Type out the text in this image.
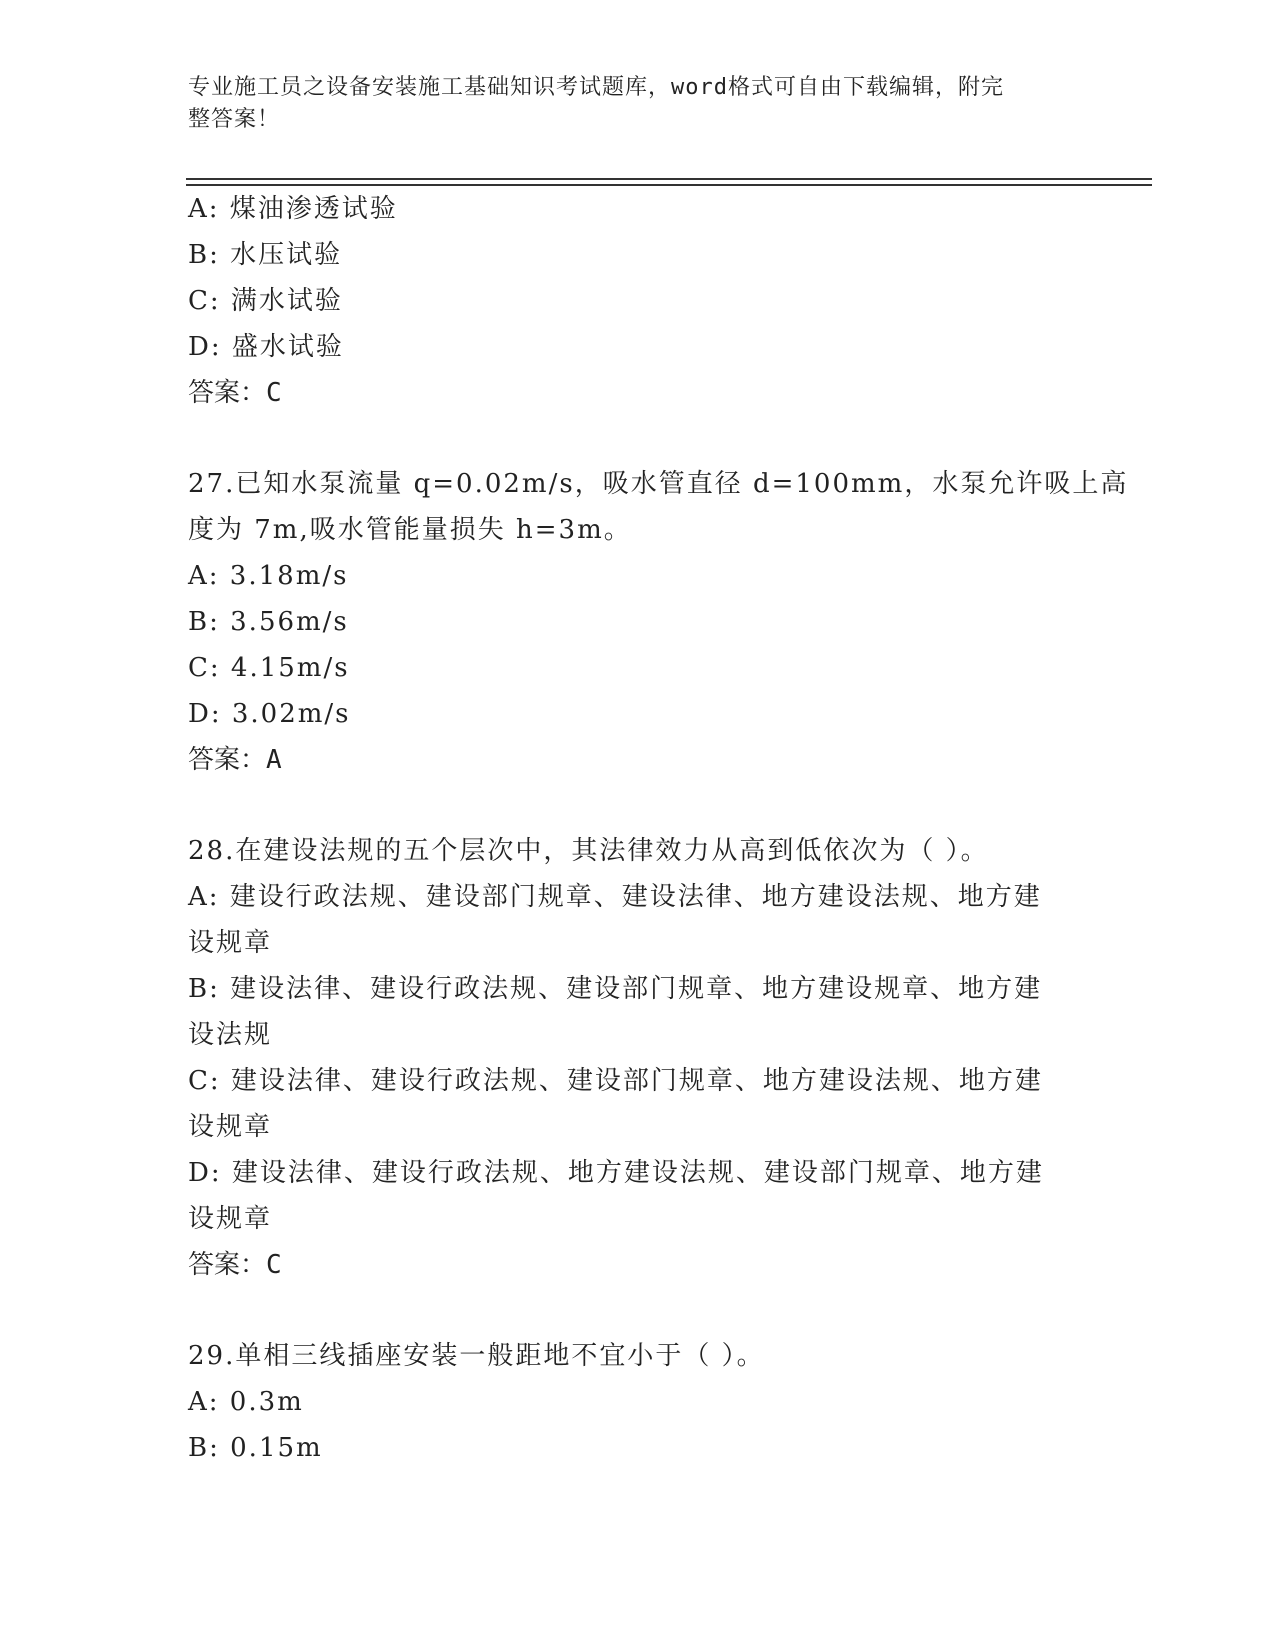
专业施工员之设备安装施工基础知识考试题库，word格式可自由下载编辑，附完
整答案！
A: 煤油渗透试验
B: 水压试验
C: 满水试验
D: 盛水试验
答案：C
27.已知水泵流量 q=0.02m/s，吸水管直径 d=100mm，水泵允许吸上高
度为 7m,吸水管能量损失 h=3m。
A: 3.18m/s
B: 3.56m/s
C: 4.15m/s
D: 3.02m/s
答案：A
28.在建设法规的五个层次中，其法律效力从高到低依次为（ ）。
A: 建设行政法规、建设部门规章、建设法律、地方建设法规、地方建
设规章
B: 建设法律、建设行政法规、建设部门规章、地方建设规章、地方建
设法规
C: 建设法律、建设行政法规、建设部门规章、地方建设法规、地方建
设规章
D: 建设法律、建设行政法规、地方建设法规、建设部门规章、地方建
设规章
答案：C
29.单相三线插座安装一般距地不宜小于（ ）。
A: 0.3m
B: 0.15m
